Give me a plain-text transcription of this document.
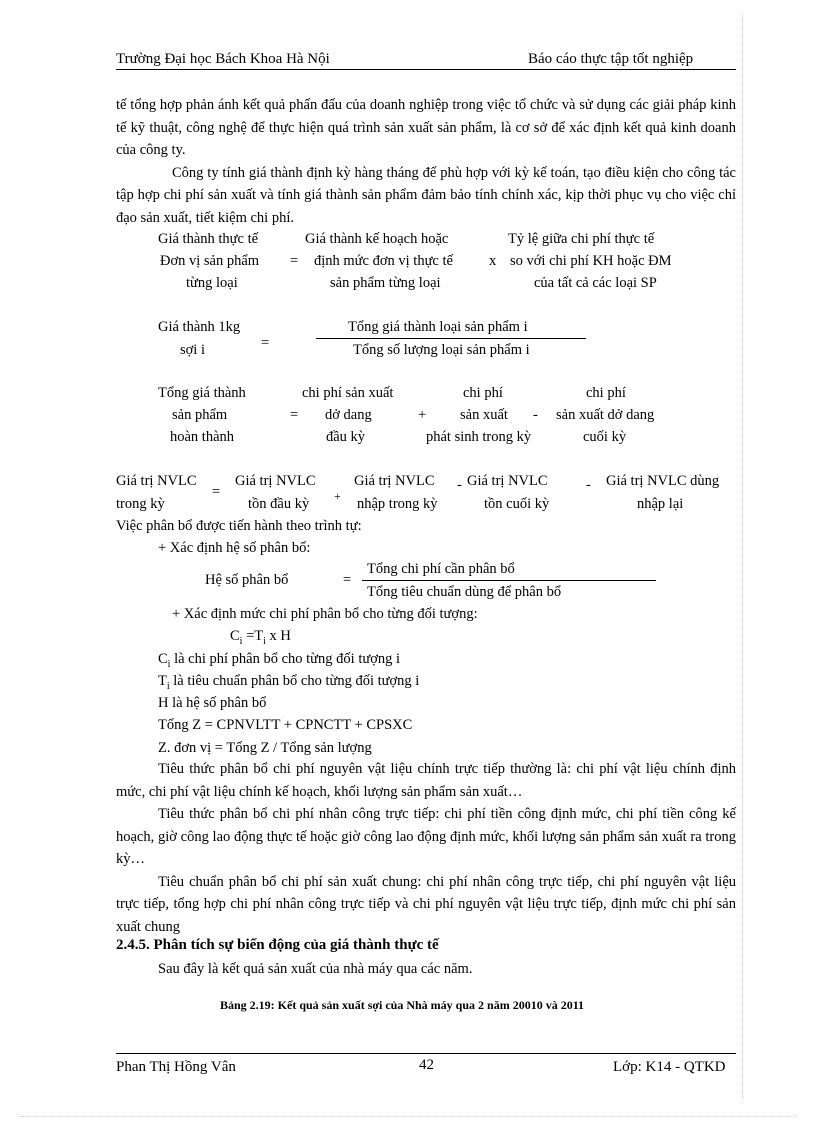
Trường Đại học Bách Khoa Hà Nội	Báo cáo thực tập tốt nghiệp

tế tổng hợp phản ánh kết quả phấn đấu của doanh nghiệp trong việc tổ chức và sử dụng các giải pháp kinh tế kỹ thuật, công nghệ để thực hiện quá trình sản xuất sản phẩm, là cơ sở để xác định kết quả kinh doanh của công ty.

Công ty tính giá thành định kỳ hàng tháng để phù hợp với kỳ kế toán, tạo điều kiện cho công tác tập hợp chi phí sản xuất và tính giá thành sản phẩm đảm bảo tính chính xác, kịp thời phục vụ cho việc chỉ đạo sản xuất, tiết kiệm chi phí.

Giá thành thực tế
Đơn vị sản phẩm
từng loại
=
Giá thành kế hoạch hoặc
định mức đơn vị thực tế
sản phẩm từng loại
x
Tỷ lệ giữa chi phí thực tế
so với chi phí KH hoặc ĐM
của tất cả các loại SP
Giá thành 1kg
sợi i	=
Tổng giá thành loại sản phẩm i
Tổng số lượng loại sản phẩm i
Tổng giá thành
sản phẩm
hoàn thành
=
chi phí sản xuất
dở dang
đầu kỳ
+
chi phí
sản xuất
phát sinh trong kỳ
-
chi phí
sản xuất dở dang
cuối kỳ
Giá trị NVLC
trong kỳ
=
Giá trị NVLC
tồn đầu kỳ +
Giá trị NVLC
nhập trong kỳ
- Giá trị NVLC
tồn cuối kỳ
- Giá trị NVLC dùng
nhập lại
Việc phân bổ được tiến hành theo trình tự:
+ Xác định hệ số phân bổ:
Hệ số phân bổ	=
Tổng chi phí cần phân bổ
Tổng tiêu chuẩn dùng để phân bổ
+ Xác định mức chi phí phân bổ cho từng đối tượng:
$C_i =T_i$ x H
$C_i$ là chi phí phân bổ cho từng đối tượng i
$T_i$ là tiêu chuẩn phân bổ cho từng đối tượng i
H là hệ số phân bổ
Tổng Z = CPNVLTT + CPNCTT + CPSXC
Z. đơn vị = Tổng Z / Tổng sản lượng

Tiêu thức phân bổ chi phí nguyên vật liệu chính trực tiếp thường là: chi phí vật liệu chính định mức, chi phí vật liệu chính kế hoạch, khối lượng sản phẩm sản xuất…

Tiêu thức phân bổ chi phí nhân công trực tiếp: chi phí tiền công định mức, chi phí tiền công kế hoạch, giờ công lao động thực tế hoặc giờ công lao động định mức, khối lượng sản phẩm sản xuất ra trong kỳ…

Tiêu chuẩn phân bổ chi phí sản xuất chung: chi phí nhân công trực tiếp, chi phí nguyên vật liệu trực tiếp, tổng hợp chi phí nhân công trực tiếp và chi phí nguyên vật liệu trực tiếp, định mức chi phí sản xuất chung

2.4.5. Phân tích sự biến động của giá thành thực tế
Sau đây là kết quả sản xuất của nhà máy qua các năm.
Bảng 2.19: Kết quả sản xuất sợi của Nhà máy qua 2 năm 20010 và 2011
Phan Thị Hồng Vân	42	Lớp: K14 - QTKD
